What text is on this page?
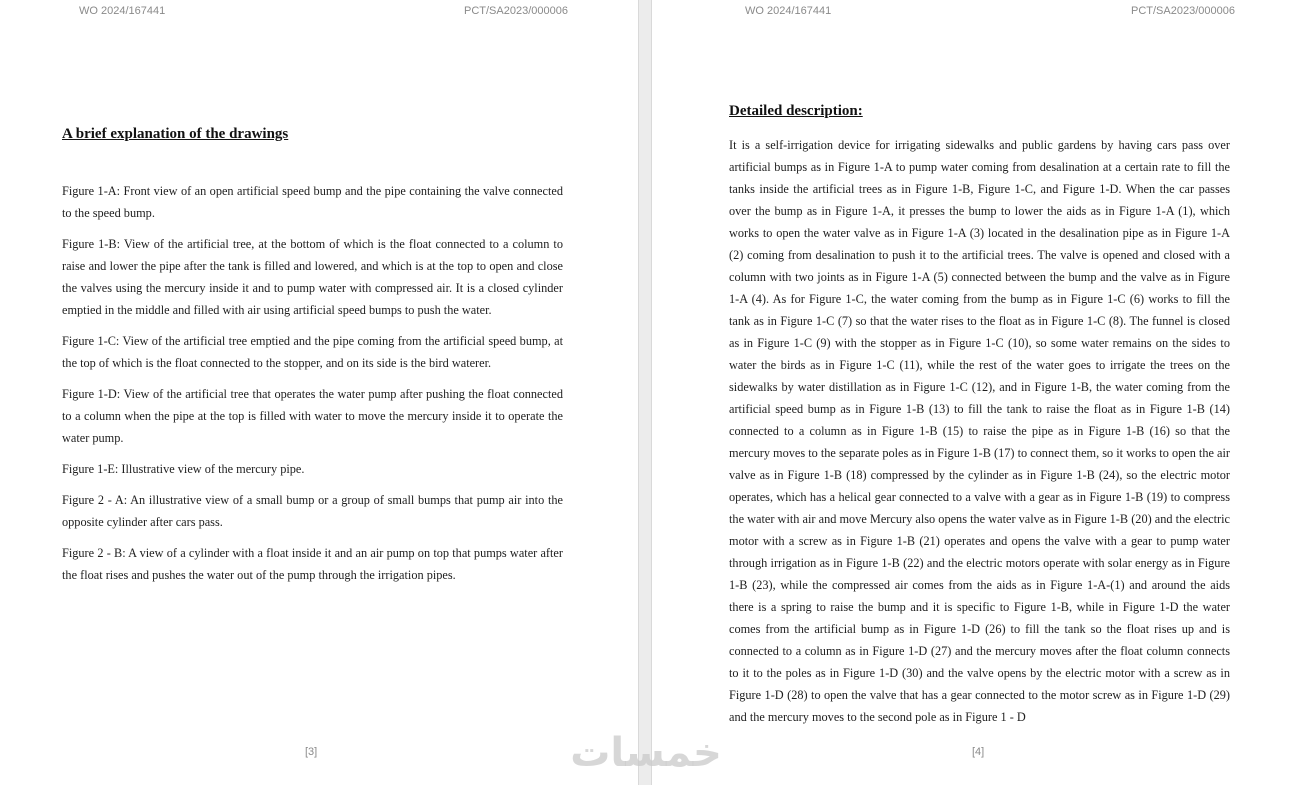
WO 2024/167441	PCT/SA2023/000006
A brief explanation of the drawings

Figure 1-A: Front view of an open artificial speed bump and the pipe containing the valve connected to the speed bump.

Figure 1-B: View of the artificial tree, at the bottom of which is the float connected to a column to raise and lower the pipe after the tank is filled and lowered, and which is at the top to open and close the valves using the mercury inside it and to pump water with compressed air. It is a closed cylinder emptied in the middle and filled with air using artificial speed bumps to push the water.

Figure 1-C: View of the artificial tree emptied and the pipe coming from the artificial speed bump, at the top of which is the float connected to the stopper, and on its side is the bird waterer.

Figure 1-D: View of the artificial tree that operates the water pump after pushing the float connected to a column when the pipe at the top is filled with water to move the mercury inside it to operate the water pump.

Figure 1-E: Illustrative view of the mercury pipe.

Figure 2 - A: An illustrative view of a small bump or a group of small bumps that pump air into the opposite cylinder after cars pass.

Figure 2 - B: A view of a cylinder with a float inside it and an air pump on top that pumps water after the float rises and pushes the water out of the pump through the irrigation pipes.

[3]
WO 2024/167441	PCT/SA2023/000006
Detailed description:

It is a self-irrigation device for irrigating sidewalks and public gardens by having cars pass over artificial bumps as in Figure 1-A to pump water coming from desalination at a certain rate to fill the tanks inside the artificial trees as in Figure 1-B, Figure 1-C, and Figure 1-D. When the car passes over the bump as in Figure 1-A, it presses the bump to lower the aids as in Figure 1-A (1), which works to open the water valve as in Figure 1-A (3) located in the desalination pipe as in Figure 1-A (2) coming from desalination to push it to the artificial trees. The valve is opened and closed with a column with two joints as in Figure 1-A (5) connected between the bump and the valve as in Figure 1-A (4). As for Figure 1-C, the water coming from the bump as in Figure 1-C (6) works to fill the tank as in Figure 1-C (7) so that the water rises to the float as in Figure 1-C (8). The funnel is closed as in Figure 1-C (9) with the stopper as in Figure 1-C (10), so some water remains on the sides to water the birds as in Figure 1-C (11), while the rest of the water goes to irrigate the trees on the sidewalks by water distillation as in Figure 1-C (12), and in Figure 1-B, the water coming from the artificial speed bump as in Figure 1-B (13) to fill the tank to raise the float as in Figure 1-B (14) connected to a column as in Figure 1-B (15) to raise the pipe as in Figure 1-B (16) so that the mercury moves to the separate poles as in Figure 1-B (17) to connect them, so it works to open the air valve as in Figure 1-B (18) compressed by the cylinder as in Figure 1-B (24), so the electric motor operates, which has a helical gear connected to a valve with a gear as in Figure 1-B (19) to compress the water with air and move Mercury also opens the water valve as in Figure 1-B (20) and the electric motor with a screw as in Figure 1-B (21) operates and opens the valve with a gear to pump water through irrigation as in Figure 1-B (22) and the electric motors operate with solar energy as in Figure 1-B (23), while the compressed air comes from the aids as in Figure 1-A-(1) and around the aids there is a spring to raise the bump and it is specific to Figure 1-B, while in Figure 1-D the water comes from the artificial bump as in Figure 1-D (26) to fill the tank so the float rises up and is connected to a column as in Figure 1-D (27) and the mercury moves after the float column connects to it to the poles as in Figure 1-D (30) and the valve opens by the electric motor with a screw as in Figure 1-D (28) to open the valve that has a gear connected to the motor screw as in Figure 1-D (29) and the mercury moves to the second pole as in Figure 1 - D

[4]
خمسات
